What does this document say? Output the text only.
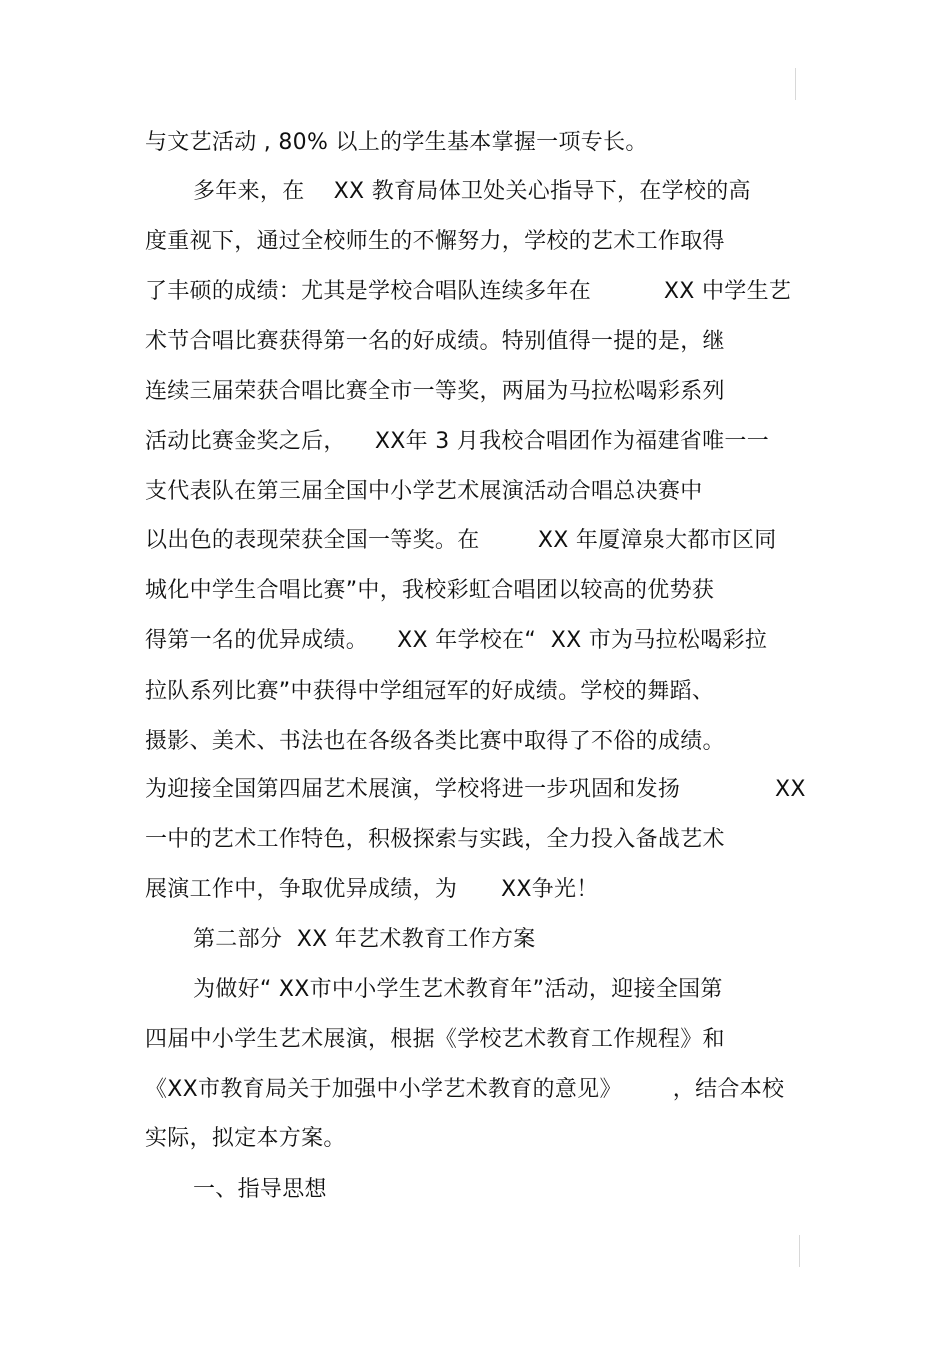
与文艺活动 , 80% 以上的学生基本掌握一项专长。
多年来，在    XX 教育局体卫处关心指导下，在学校的高
度重视下，通过全校师生的不懈努力，学校的艺术工作取得
了丰硕的成绩：尤其是学校合唱队连续多年在          XX 中学生艺
术节合唱比赛获得第一名的好成绩。特别值得一提的是，继
连续三届荣获合唱比赛全市一等奖，两届为马拉松喝彩系列
活动比赛金奖之后，    XX年 3 月我校合唱团作为福建省唯一一
支代表队在第三届全国中小学艺术展演活动合唱总决赛中
以出色的表现荣获全国一等奖。在        XX 年厦漳泉大都市区同
城化中学生合唱比赛”中，我校彩虹合唱团以较高的优势获
得第一名的优异成绩。    XX 年学校在“  XX 市为马拉松喝彩拉
拉队系列比赛”中获得中学组冠军的好成绩。学校的舞蹈、
摄影、美术、书法也在各级各类比赛中取得了不俗的成绩。
为迎接全国第四届艺术展演，学校将进一步巩固和发扬             XX
一中的艺术工作特色，积极探索与实践，全力投入备战艺术
展演工作中，争取优异成绩，为      XX争光！
第二部分  XX 年艺术教育工作方案
为做好“ XX市中小学生艺术教育年”活动，迎接全国第
四届中小学生艺术展演，根据《学校艺术教育工作规程》和
《XX市教育局关于加强中小学艺术教育的意见》       ，结合本校
实际，拟定本方案。
一、指导思想
